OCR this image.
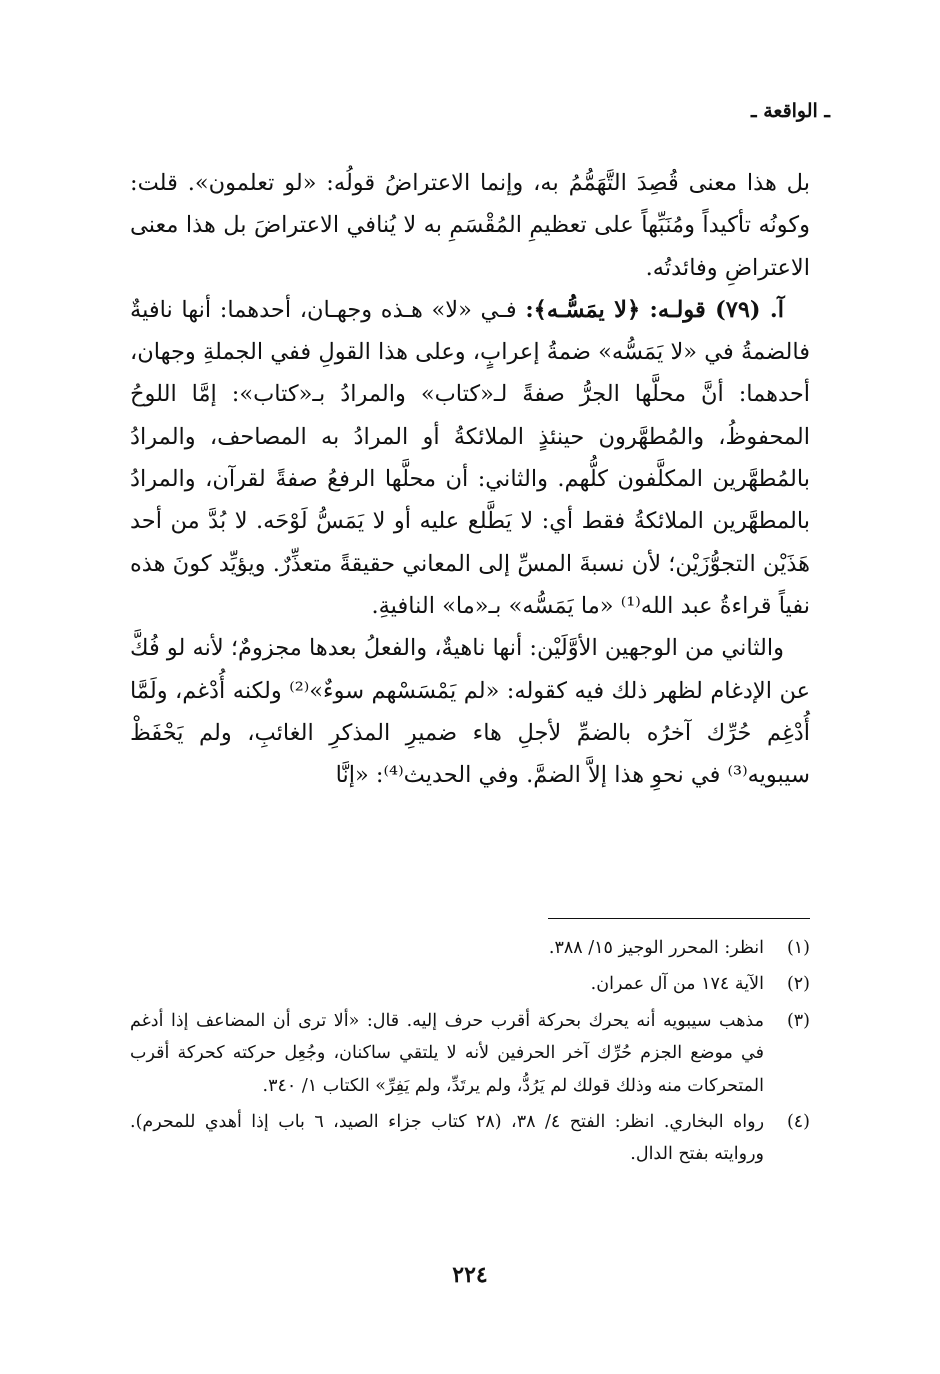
ـ الواقعة ـ

بل هذا معنى قُصِدَ التَّهَمُّمُ به، وإنما الاعتراضُ قولُه: «لو تعلمون». قلت: وكونُه تأكيداً ومُنَبِّهاً على تعظيمِ المُقْسَمِ به لا يُنافي الاعتراضَ بل هذا معنى الاعتراضِ وفائدتُه.

آ. (٧٩) قولـه: ﴿لا يمَسُّـه﴾: فـي «لا» هـذه وجهـان، أحدهما: أنها نافيةٌ فالضمةُ في «لا يَمَسُّه» ضمةُ إعرابٍ، وعلى هذا القولِ ففي الجملةِ وجهان، أحدهما: أنَّ محلَّها الجرُّ صفةً لـ«كتاب» والمرادُ بـ«كتاب»: إمَّا اللوحُ المحفوظُ، والمُطهَّرون حينئذٍ الملائكةُ أو المرادُ به المصاحف، والمرادُ بالمُطهَّرين المكلَّفون كلُّهم. والثاني: أن محلَّها الرفعُ صفةً لقرآن، والمرادُ بالمطهَّرين الملائكةُ فقط أي: لا يَطَّلع عليه أو لا يَمَسُّ لَوْحَه. لا بُدَّ من أحد هَذَيْن التجوُّزَيْن؛ لأن نسبةَ المسِّ إلى المعاني حقيقةً متعذِّرٌ. ويؤيِّد كونَ هذه نفياً قراءةُ عبد الله⁽¹⁾ «ما يَمَسُّه» بـ«ما» النافيةِ.

والثاني من الوجهين الأوَّلَيْن: أنها ناهيةٌ، والفعلُ بعدها مجزومٌ؛ لأنه لو فُكَّ عن الإدغام لظهر ذلك فيه كقوله: «لم يَمْسَسْهم سوءٌ»⁽²⁾ ولكنه أُدْغم، ولَمَّا أُدْغِم حُرِّك آخرُه بالضمِّ لأجلِ هاء ضميرِ المذكرِ الغائبِ، ولم يَحْفَظْ سيبويه⁽³⁾ في نحوِ هذا إلاَّ الضمَّ. وفي الحديث⁽⁴⁾: «إنَّا

(١)
انظر: المحرر الوجيز ١٥/ ٣٨٨.
(٢)
الآية ١٧٤ من آل عمران.
(٣)
مذهب سيبويه أنه يحرك بحركة أقرب حرف إليه. قال: «ألا ترى أن المضاعف إذا أدغم في موضع الجزم حُرِّك آخر الحرفين لأنه لا يلتقي ساكنان، وجُعِل حركته كحركة أقرب المتحركات منه وذلك قولك لم يَرُدُّ، ولم يرتَدِّ، ولم يَفِرِّ» الكتاب ١/ ٣٤٠.
(٤)
رواه البخاري. انظر: الفتح ٤/ ٣٨، (٢٨ كتاب جزاء الصيد، ٦ باب إذا أهدي للمحرم). وروايته بفتح الدال.
٢٢٤
